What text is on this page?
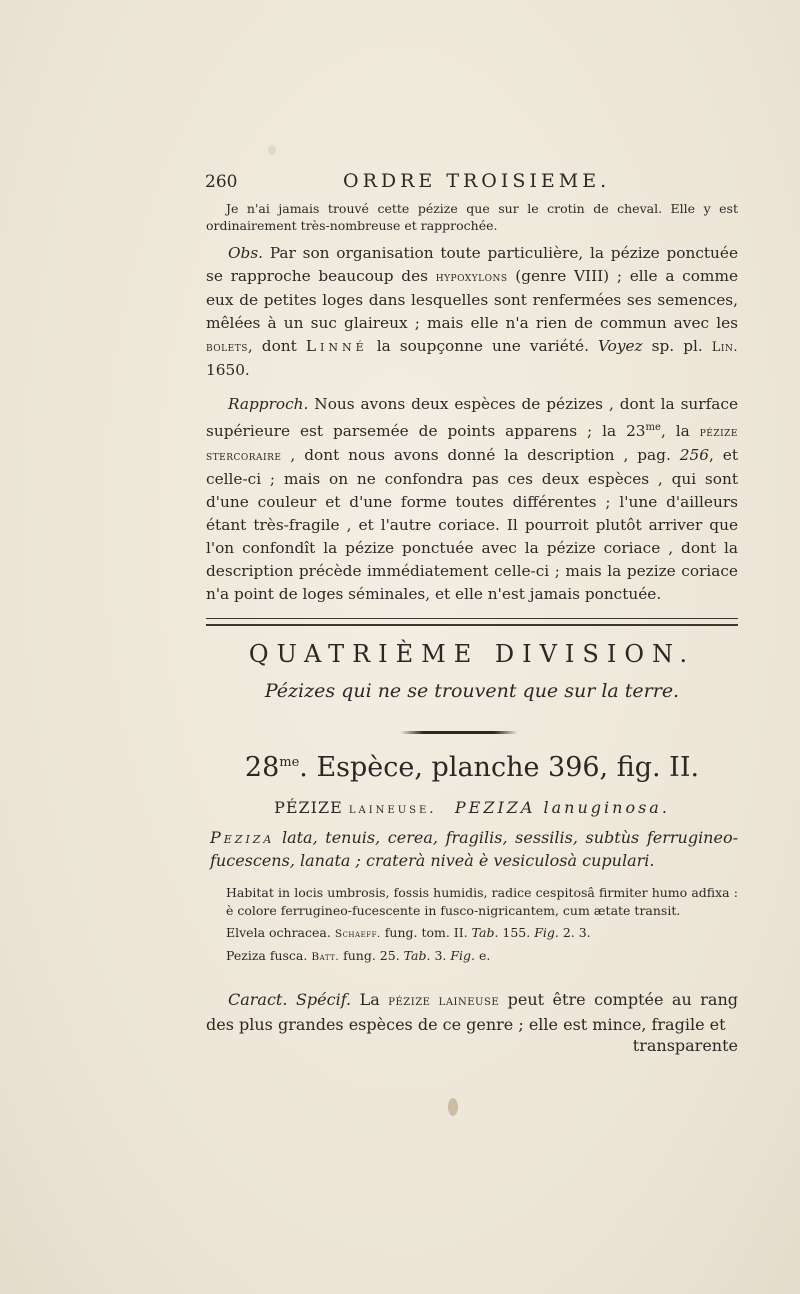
260	ORDRE TROISIEME.
Je n'ai jamais trouvé cette pézize que sur le crotin de cheval. Elle y est ordinairement très-nombreuse et rapprochée.

Obs. Par son organisation toute particulière, la pézize ponctuée se rapproche beaucoup des hypoxylons (genre VIII) ; elle a comme eux de petites loges dans lesquelles sont renfermées ses semences, mêlées à un suc glaireux ; mais elle n'a rien de commun avec les bolets, dont Linné la soupçonne une variété. Voyez sp. pl. Lin. 1650.

Rapproch. Nous avons deux espèces de pézizes , dont la surface supérieure est parsemée de points apparens ; la $23^{me}$, la pézize stercoraire , dont nous avons donné la description , pag. 256, et celle-ci ; mais on ne confondra pas ces deux espèces , qui sont d'une couleur et d'une forme toutes différentes ; l'une d'ailleurs étant très-fragile , et l'autre coriace. Il pourroit plutôt arriver que l'on confondît la pézize ponctuée avec la pézize coriace , dont la description précède immédiatement celle-ci ; mais la pezize coriace n'a point de loges séminales, et elle n'est jamais ponctuée.

QUATRIÈME DIVISION.
Pézizes qui ne se trouvent que sur la terre.
$28^{me}$. Espèce, planche 396, fig. II.
PÉZIZE laineuse. PEZIZA lanuginosa.
Peziza lata, tenuis, cerea, fragilis, sessilis, subtùs ferrugineo-fucescens, lanata ; craterà niveà è vesiculosà cupulari.

Habitat in locis umbrosis, fossis humidis, radice cespitosâ firmiter humo adfixa : è colore ferrugineo-fucescente in fusco-nigricantem, cum ætate transit.

Elvela ochracea. Schaeff. fung. tom. II. Tab. 155. Fig. 2. 3.

Peziza fusca. Batt. fung. 25. Tab. 3. Fig. e.

Caract. Spécif. La pézize laineuse peut être comptée au rang des plus grandes espèces de ce genre ; elle est mince, fragile et
transparente
